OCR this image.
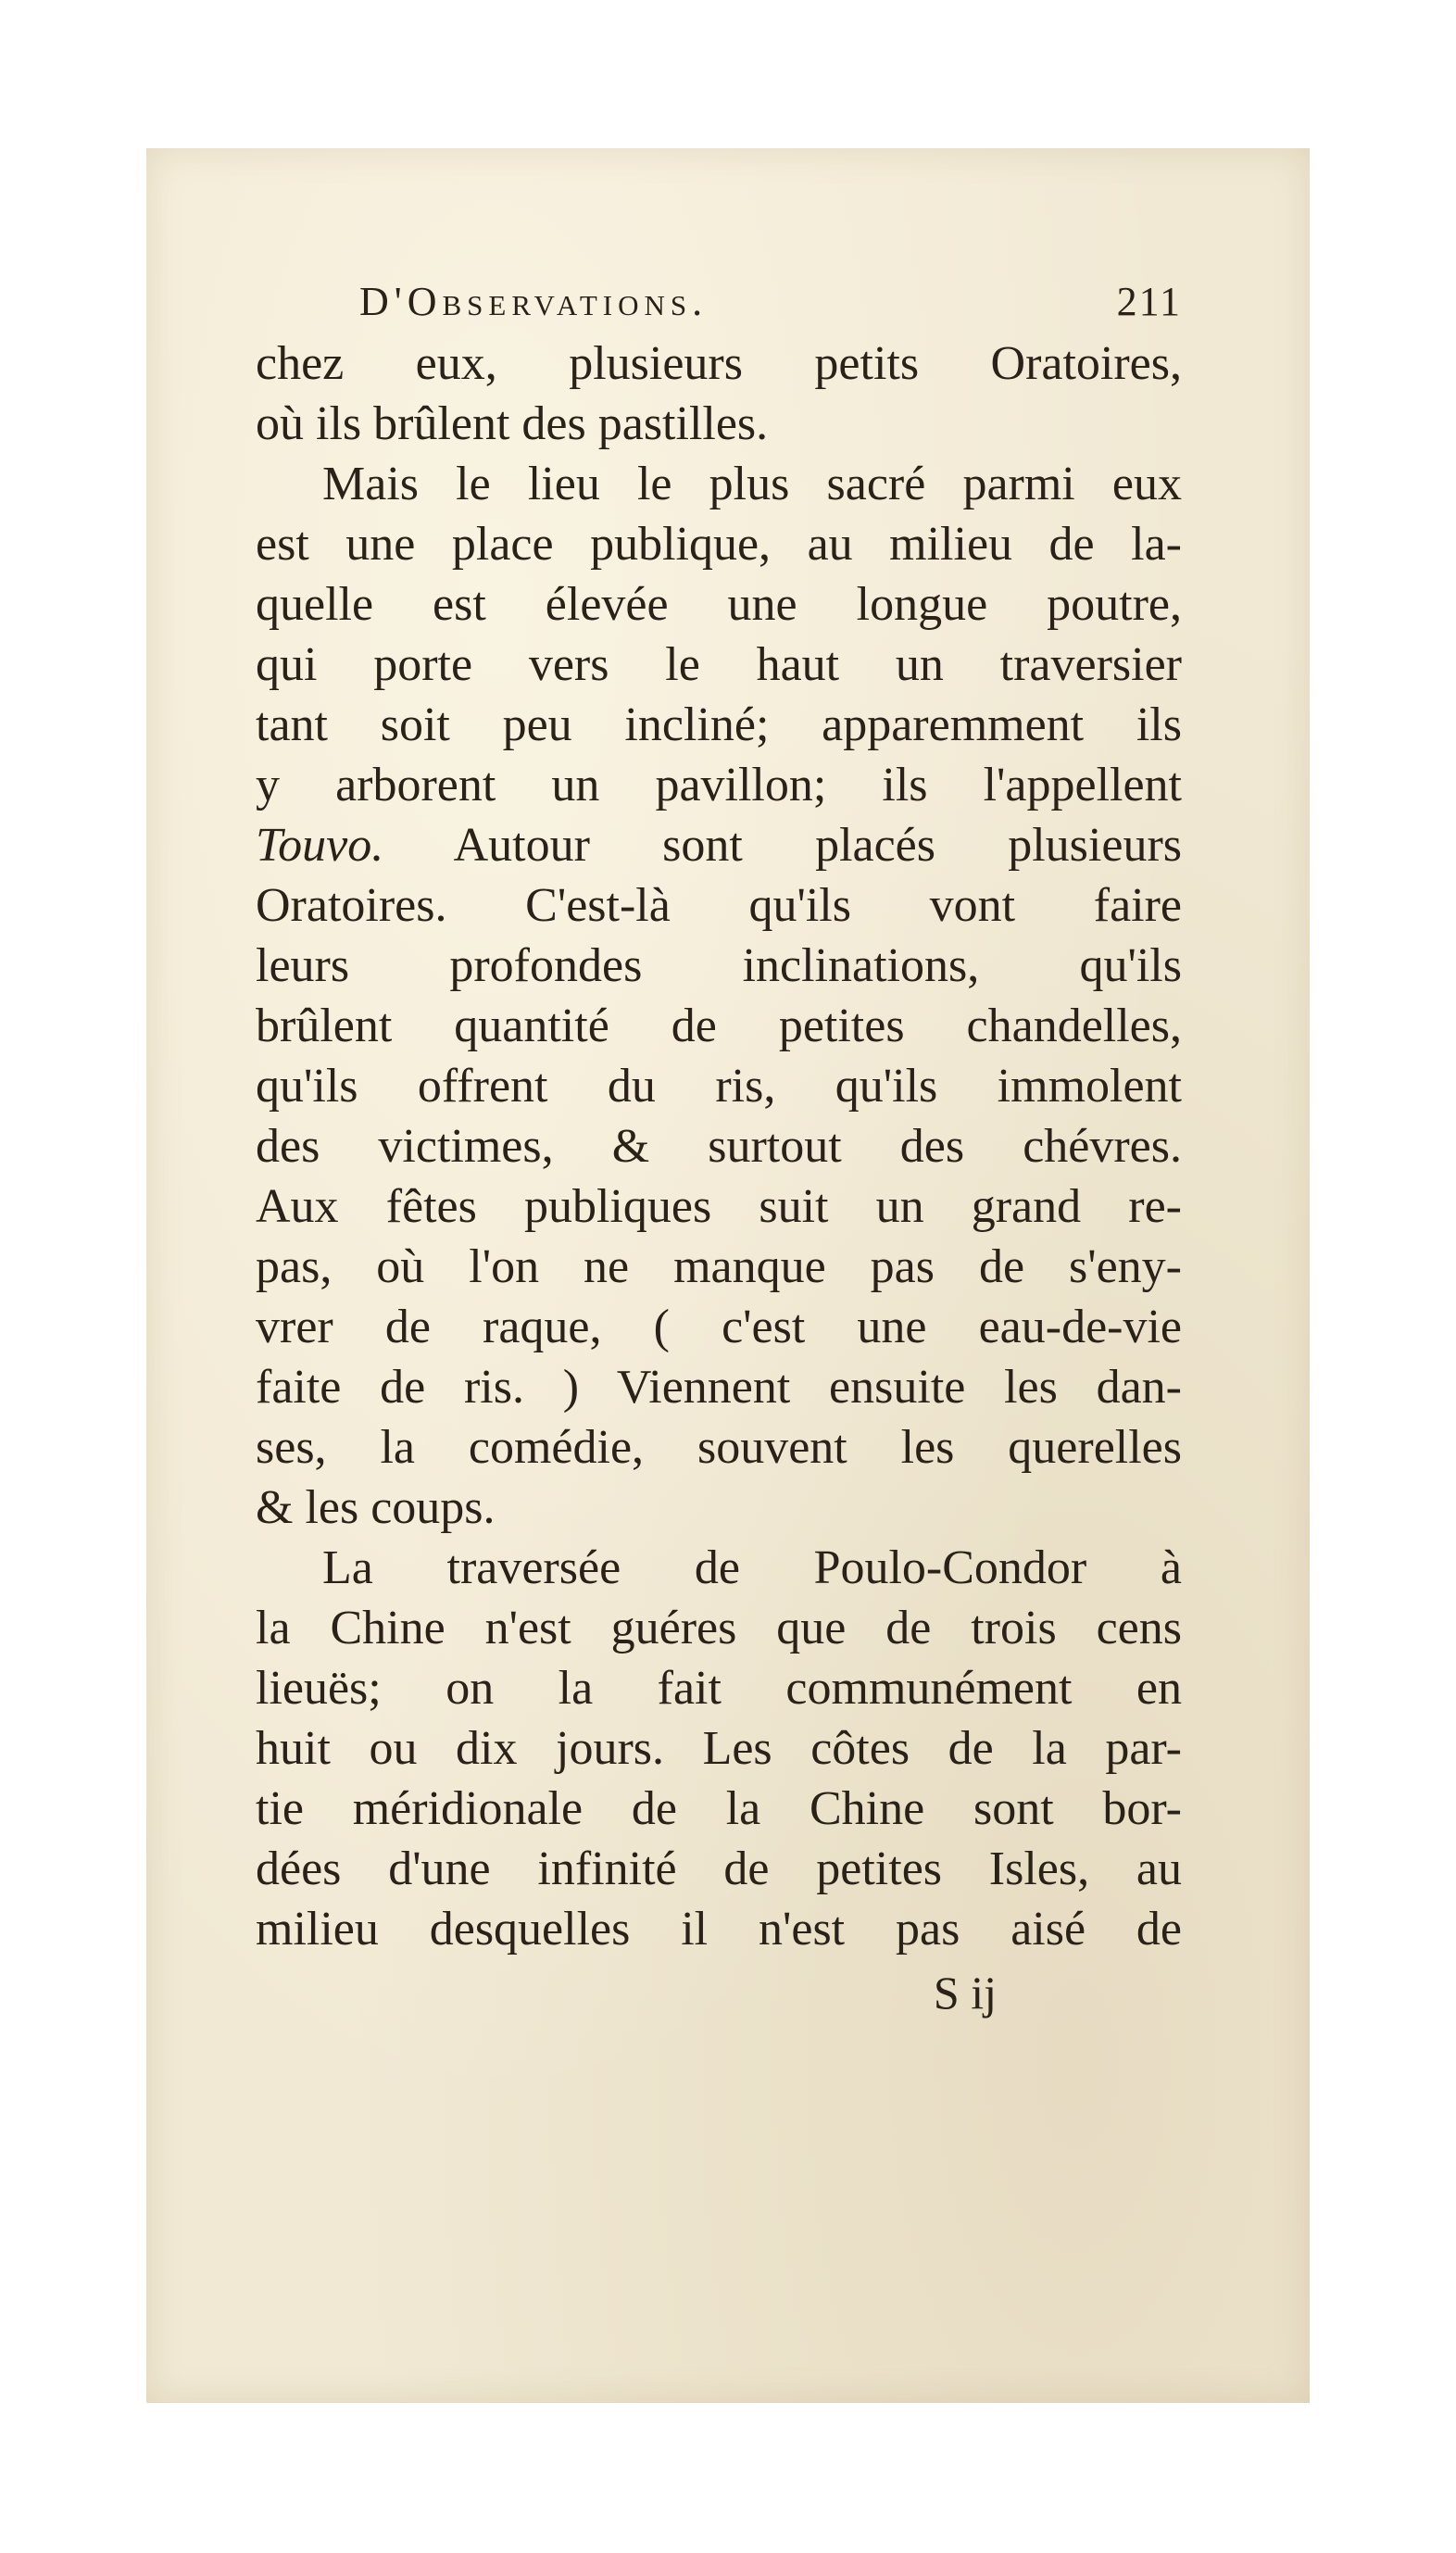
D'Observations.	211
chez eux, plusieurs petits Oratoires,
où ils brûlent des pastilles.
Mais le lieu le plus sacré parmi eux
est une place publique, au milieu de la-
quelle est élevée une longue poutre,
qui porte vers le haut un traversier
tant soit peu incliné; apparemment ils
y arborent un pavillon; ils l'appellent
Touvo. Autour sont placés plusieurs
Oratoires. C'est-là qu'ils vont faire
leurs profondes inclinations, qu'ils
brûlent quantité de petites chandelles,
qu'ils offrent du ris, qu'ils immolent
des victimes, & surtout des chévres.
Aux fêtes publiques suit un grand re-
pas, où l'on ne manque pas de s'eny-
vrer de raque, ( c'est une eau-de-vie
faite de ris. ) Viennent ensuite les dan-
ses, la comédie, souvent les querelles
& les coups.
La traversée de Poulo-Condor à
la Chine n'est guéres que de trois cens
lieuës; on la fait communément en
huit ou dix jours. Les côtes de la par-
tie méridionale de la Chine sont bor-
dées d'une infinité de petites Isles, au
milieu desquelles il n'est pas aisé de
S ij
